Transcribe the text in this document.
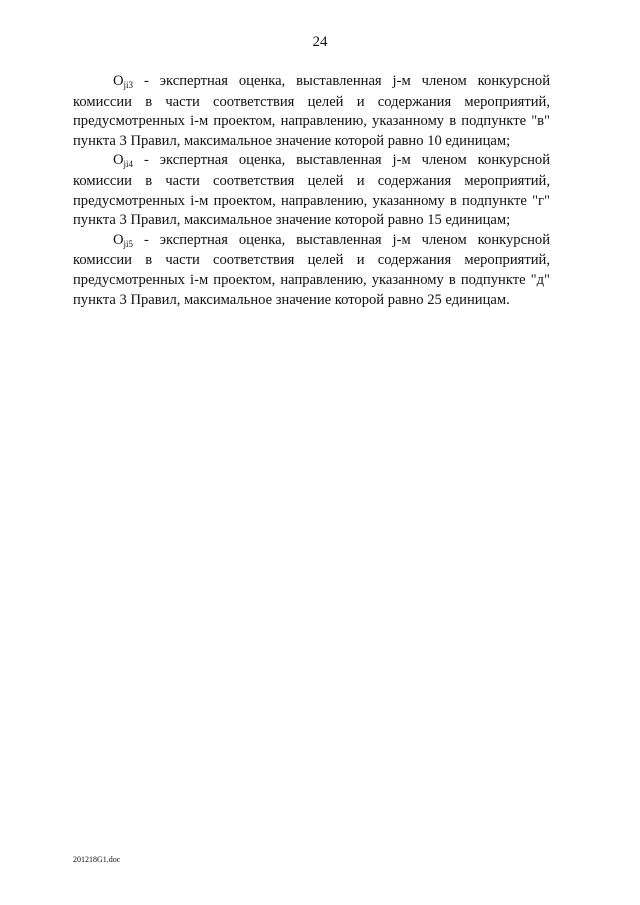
24

$O_{ji3}$ - экспертная оценка, выставленная j-м членом конкурсной комиссии в части соответствия целей и содержания мероприятий, предусмотренных i-м проектом, направлению, указанному в подпункте "в" пункта 3 Правил, максимальное значение которой равно 10 единицам;

$O_{ji4}$ - экспертная оценка, выставленная j-м членом конкурсной комиссии в части соответствия целей и содержания мероприятий, предусмотренных i-м проектом, направлению, указанному в подпункте "г" пункта 3 Правил, максимальное значение которой равно 15 единицам;

$O_{ji5}$ - экспертная оценка, выставленная j-м членом конкурсной комиссии в части соответствия целей и содержания мероприятий, предусмотренных i-м проектом, направлению, указанному в подпункте "д" пункта 3 Правил, максимальное значение которой равно 25 единицам.

201218G1.doc
